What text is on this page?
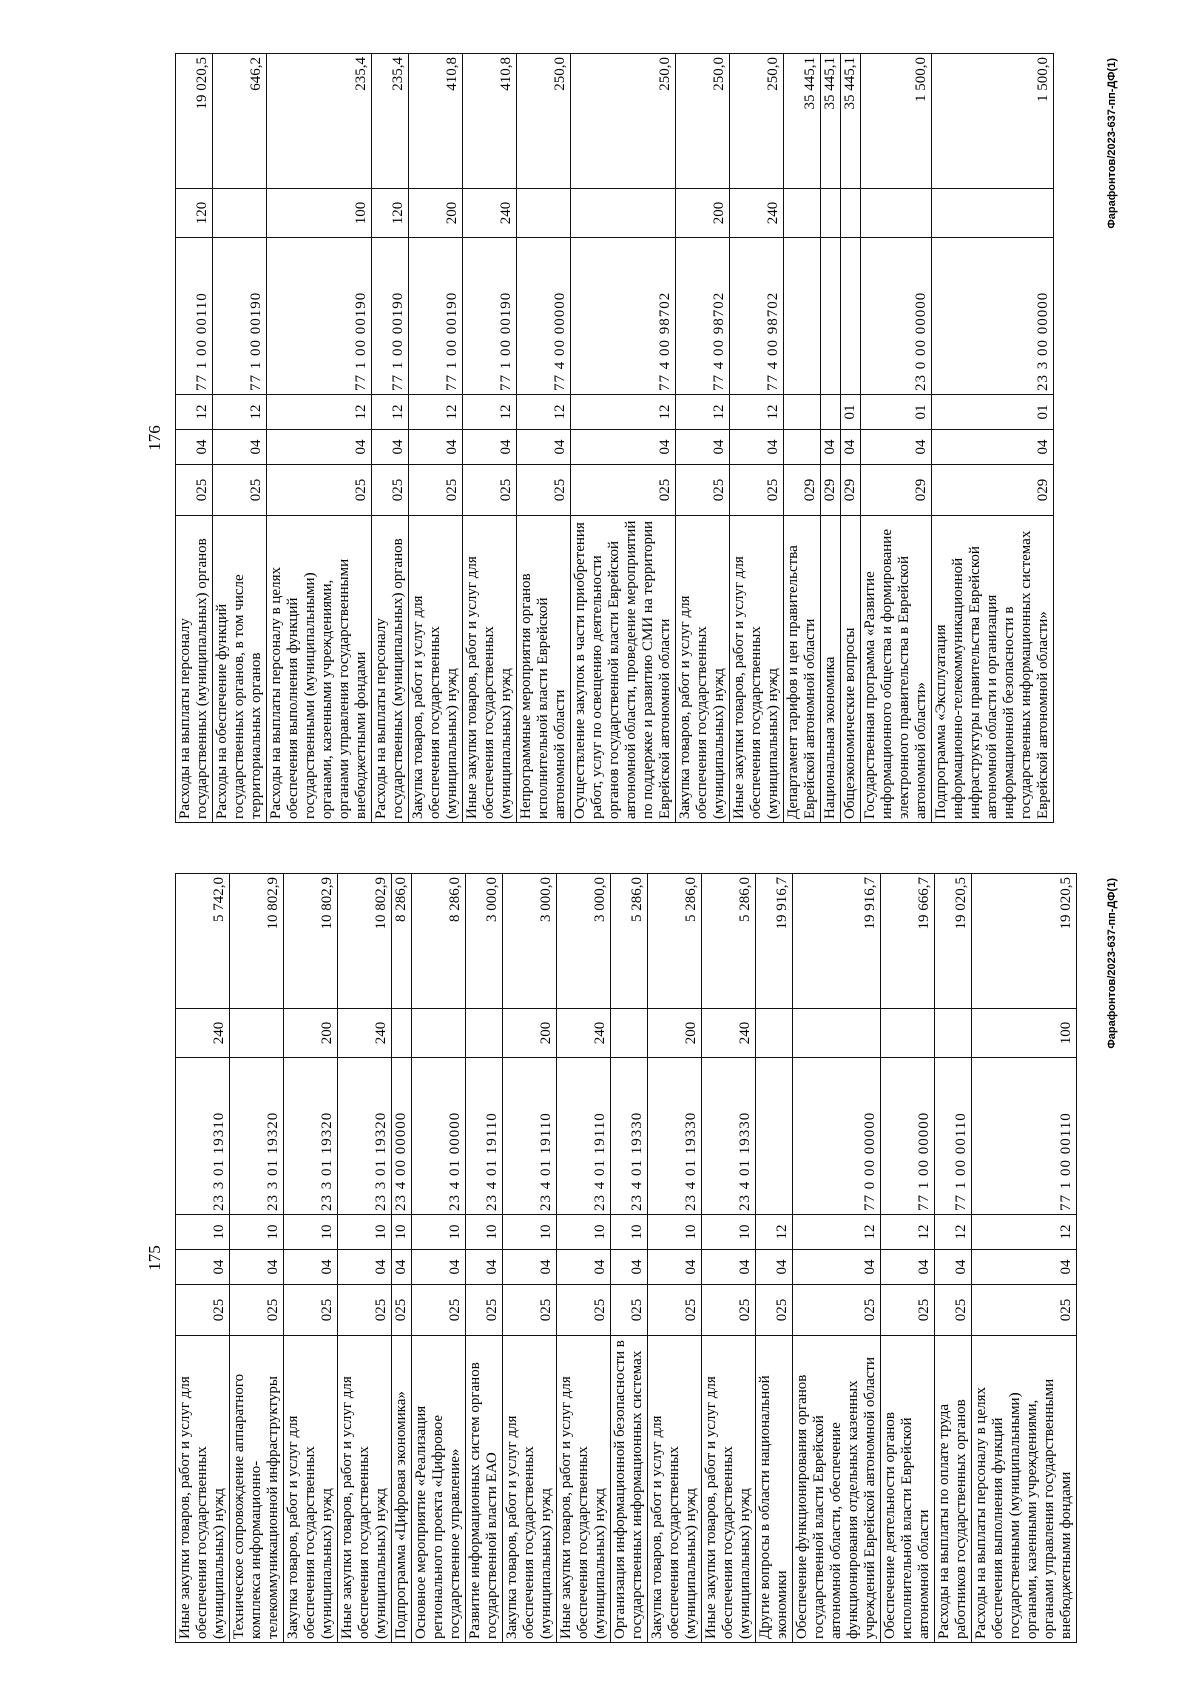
175
Иные закупки товаров, работ и услуг для обеспечения государственных (муниципальных) нужд	025	04	10	23 3 01 19310	240	5 742,0
Техническое сопровождение аппаратного комплекса информационно-телекоммуникационной инфраструктуры	025	04	10	23 3 01 19320		10 802,9
Закупка товаров, работ и услуг для обеспечения государственных (муниципальных) нужд	025	04	10	23 3 01 19320	200	10 802,9
Иные закупки товаров, работ и услуг для обеспечения государственных (муниципальных) нужд	025	04	10	23 3 01 19320	240	10 802,9
Подпрограмма «Цифровая экономика»	025	04	10	23 4 00 00000		8 286,0
Основное мероприятие «Реализация регионального проекта «Цифровое государственное управление»	025	04	10	23 4 01 00000		8 286,0
Развитие информационных систем органов государственной власти ЕАО	025	04	10	23 4 01 19110		3 000,0
Закупка товаров, работ и услуг для обеспечения государственных (муниципальных) нужд	025	04	10	23 4 01 19110	200	3 000,0
Иные закупки товаров, работ и услуг для обеспечения государственных (муниципальных) нужд	025	04	10	23 4 01 19110	240	3 000,0
Организация информационной безопасности в государственных информационных системах	025	04	10	23 4 01 19330		5 286,0
Закупка товаров, работ и услуг для обеспечения государственных (муниципальных) нужд	025	04	10	23 4 01 19330	200	5 286,0
Иные закупки товаров, работ и услуг для обеспечения государственных (муниципальных) нужд	025	04	10	23 4 01 19330	240	5 286,0
Другие вопросы в области национальной экономики	025	04	12			19 916,7
Обеспечение функционирования органов государственной власти Еврейской автономной области, обеспечение функционирования отдельных казенных учреждений Еврейской автономной области	025	04	12	77 0 00 00000		19 916,7
Обеспечение деятельности органов исполнительной власти Еврейской автономной области	025	04	12	77 1 00 00000		19 666,7
Расходы на выплаты по оплате труда работников государственных органов	025	04	12	77 1 00 00110		19 020,5
Расходы на выплаты персоналу в целях обеспечения выполнения функций государственными (муниципальными) органами, казенными учреждениями, органами управления государственными внебюджетными фондами	025	04	12	77 1 00 00110	100	19 020,5	Фарафонтов/2023-637-пп-ДФ(1)
176
Расходы на выплаты персоналу государственных (муниципальных) органов	025	04	12	77 1 00 00110	120	19 020,5
Расходы на обеспечение функций государственных органов, в том числе территориальных органов	025	04	12	77 1 00 00190		646,2
Расходы на выплаты персоналу в целях обеспечения выполнения функций государственными (муниципальными) органами, казенными учреждениями, органами управления государственными внебюджетными фондами	025	04	12	77 1 00 00190	100	235,4
Расходы на выплаты персоналу государственных (муниципальных) органов	025	04	12	77 1 00 00190	120	235,4
Закупка товаров, работ и услуг для обеспечения государственных (муниципальных) нужд	025	04	12	77 1 00 00190	200	410,8
Иные закупки товаров, работ и услуг для обеспечения государственных (муниципальных) нужд	025	04	12	77 1 00 00190	240	410,8
Непрограммные мероприятия органов исполнительной власти Еврейской автономной области	025	04	12	77 4 00 00000		250,0
Осуществление закупок в части приобретения работ, услуг по освещению деятельности органов государственной власти Еврейской автономной области, проведение мероприятий по поддержке и развитию СМИ на территории Еврейской автономной области	025	04	12	77 4 00 98702		250,0
Закупка товаров, работ и услуг для обеспечения государственных (муниципальных) нужд	025	04	12	77 4 00 98702	200	250,0
Иные закупки товаров, работ и услуг для обеспечения государственных (муниципальных) нужд	025	04	12	77 4 00 98702	240	250,0
Департамент тарифов и цен правительства Еврейской автономной области	029					35 445,1
Национальная экономика	029	04				35 445,1
Общеэкономические вопросы	029	04	01			35 445,1
Государственная программа «Развитие информационного общества и формирование электронного правительства в Еврейской автономной области»	029	04	01	23 0 00 00000		1 500,0
Подпрограмма «Эксплуатация информационно-телекоммуникационной инфраструктуры правительства Еврейской автономной области и организация информационной безопасности в государственных информационных системах Еврейской автономной области»	029	04	01	23 3 00 00000		1 500,0	Фарафонтов/2023-637-пп-ДФ(1)
